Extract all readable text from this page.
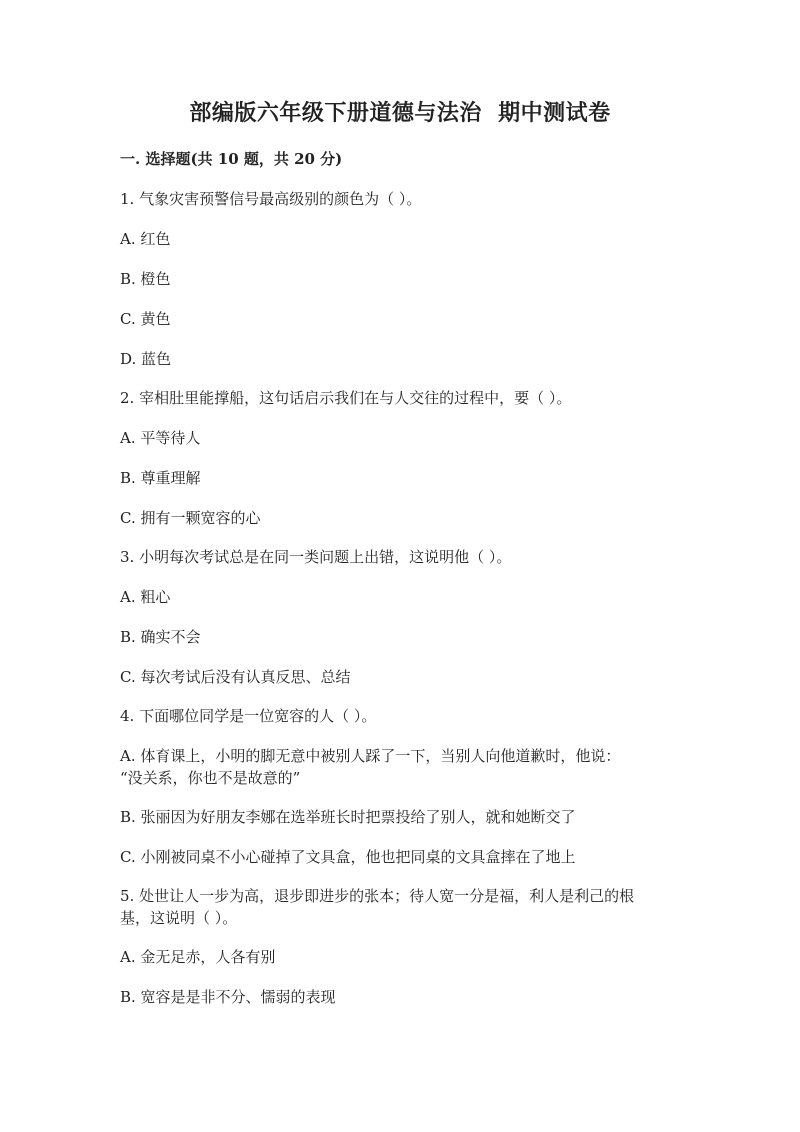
部编版六年级下册道德与法治  期中测试卷
一. 选择题(共 10 题，共 20 分)
1. 气象灾害预警信号最高级别的颜色为（ ）。
A. 红色
B. 橙色
C. 黄色
D. 蓝色
2. 宰相肚里能撑船，这句话启示我们在与人交往的过程中，要（ ）。
A. 平等待人
B. 尊重理解
C. 拥有一颗宽容的心
3. 小明每次考试总是在同一类问题上出错，这说明他（ ）。
A. 粗心
B. 确实不会
C. 每次考试后没有认真反思、总结
4. 下面哪位同学是一位宽容的人（ ）。
A. 体育课上，小明的脚无意中被别人踩了一下，当别人向他道歉时，他说：
“没关系，你也不是故意的”
B. 张丽因为好朋友李娜在选举班长时把票投给了别人，就和她断交了
C. 小刚被同桌不小心碰掉了文具盒，他也把同桌的文具盒摔在了地上
5. 处世让人一步为高，退步即进步的张本；待人宽一分是福，利人是利己的根
基，这说明（ ）。
A. 金无足赤，人各有别
B. 宽容是是非不分、懦弱的表现
